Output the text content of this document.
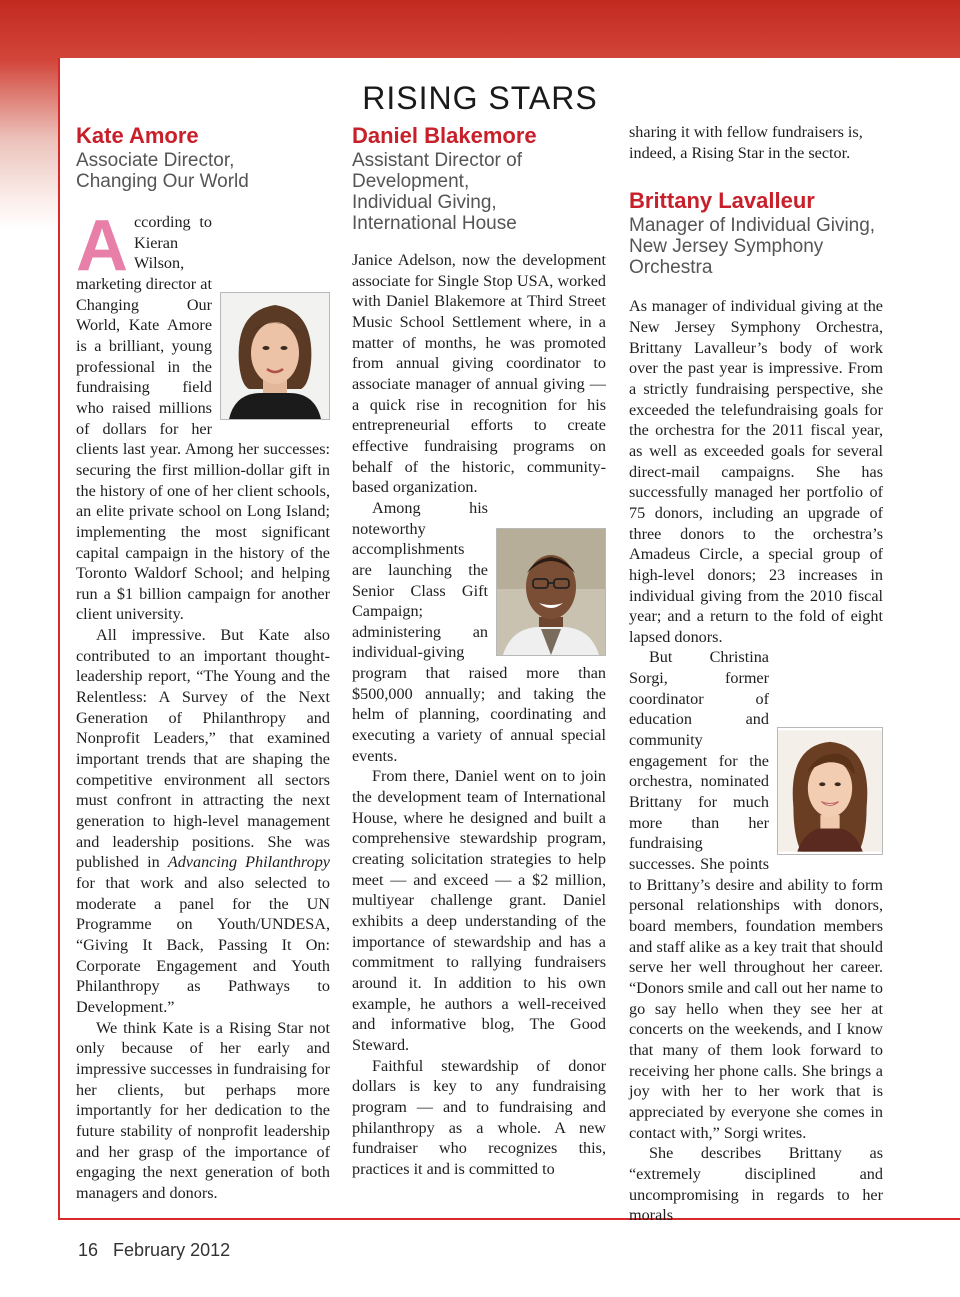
RISING STARS
Kate Amore
Associate Director,
Changing Our World

A ccording to Kieran Wilson, marketing director at Changing Our World, Kate Amore is a brilliant, young professional in the fundraising field who raised millions of dollars for her clients last year. Among her successes: securing the first million-dollar gift in the history of one of her client schools, an elite private school on Long Island; implementing the most significant capital campaign in the history of the Toronto Waldorf School; and helping run a $1 billion campaign for another client university.

All impressive. But Kate also contributed to an important thought-leadership report, “The Young and the Relentless: A Survey of the Next Generation of Philanthropy and Nonprofit Leaders,” that examined important trends that are shaping the competitive environment all sectors must confront in attracting the next generation to high-level management and leadership positions. She was published in Advancing Philanthropy for that work and also selected to moderate a panel for the UN Programme on Youth/UNDESA, “Giving It Back, Passing It On: Corporate Engagement and Youth Philanthropy as Pathways to Development.”

We think Kate is a Rising Star not only because of her early and impressive successes in fundraising for her clients, but perhaps more importantly for her dedication to the future stability of nonprofit leadership and her grasp of the importance of engaging the next generation of both managers and donors.

Daniel Blakemore
Assistant Director of
Development,
Individual Giving,
International House

Janice Adelson, now the development associate for Single Stop USA, worked with Daniel Blakemore at Third Street Music School Settlement where, in a matter of months, he was promoted from annual giving coordinator to associate manager of annual giving — a quick rise in recognition for his entrepreneurial efforts to create effective fundraising programs on behalf of the historic, community-based organization.

Among his noteworthy accomplishments are launching the Senior Class Gift Campaign; administering an individual-giving program that raised more than $500,000 annually; and taking the helm of planning, coordinating and executing a variety of annual special events.

From there, Daniel went on to join the development team of International House, where he designed and built a comprehensive stewardship program, creating solicitation strategies to help meet — and exceed — a $2 million, multiyear challenge grant. Daniel exhibits a deep understanding of the importance of stewardship and has a commitment to rallying fundraisers around it. In addition to his own example, he authors a well-received and informative blog, The Good Steward.

Faithful stewardship of donor dollars is key to any fundraising program — and to fundraising and philanthropy as a whole. A new fundraiser who recognizes this, practices it and is committed to

sharing it with fellow fundraisers is, indeed, a Rising Star in the sector.

Brittany Lavalleur
Manager of Individual Giving,
New Jersey Symphony
Orchestra

As manager of individual giving at the New Jersey Symphony Orchestra, Brittany Lavalleur’s body of work over the past year is impressive. From a strictly fundraising perspective, she exceeded the telefundraising goals for the orchestra for the 2011 fiscal year, as well as exceeded goals for several direct-mail campaigns. She has successfully managed her portfolio of 75 donors, including an upgrade of three donors to the orchestra’s Amadeus Circle, a special group of high-level donors; 23 increases in individual giving from the 2010 fiscal year; and a return to the fold of eight lapsed donors.

But Christina Sorgi, former coordinator of education and community engagement for the orchestra, nominated Brittany for much more than her fundraising successes. She points to Brittany’s desire and ability to form personal relationships with donors, board members, foundation members and staff alike as a key trait that should serve her well throughout her career. “Donors smile and call out her name to go say hello when they see her at concerts on the weekends, and I know that many of them look forward to receiving her phone calls. She brings a joy with her to her work that is appreciated by everyone she comes in contact with,” Sorgi writes.

She describes Brittany as “extremely disciplined and uncompromising in regards to her morals

16 February 2012
